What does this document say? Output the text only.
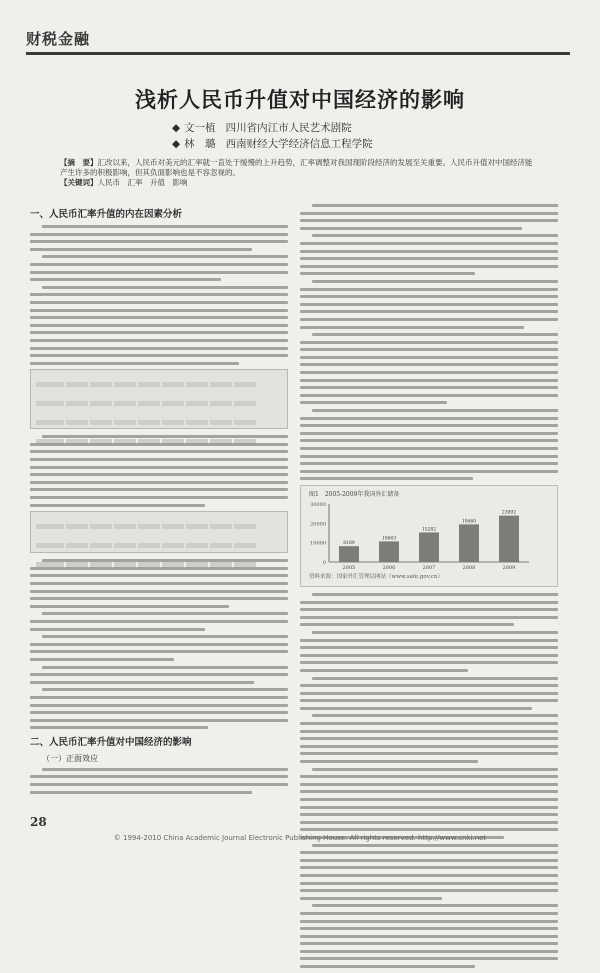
财税金融
浅析人民币升值对中国经济的影响
◆ 文一植 四川省内江市人民艺术剧院
◆ 林　璐 西南财经大学经济信息工程学院
【摘　要】汇改以来，人民币对美元的汇率就一直处于缓慢的上升趋势，汇率调整对我国现阶段经济的发展至关重要。人民币升值对中国经济能产生许多的积极影响，但其负面影响也是不容忽视的。
【关键词】人民币　汇率　升值　影响
一、人民币汇率升值的内在因素分析
二、人民币汇率升值对中国经济的影响
（一）正面效应
图1　2005-2009年我国外汇储备
0
10000
20000
30000
2005
8189
2006
10663
2007
15282
2008
19460
2009
23992
资料来源：国家外汇管理局网站（www.safe.gov.cn）
28
© 1994-2010 China Academic Journal Electronic Publishing House. All rights reserved. http://www.cnki.net
